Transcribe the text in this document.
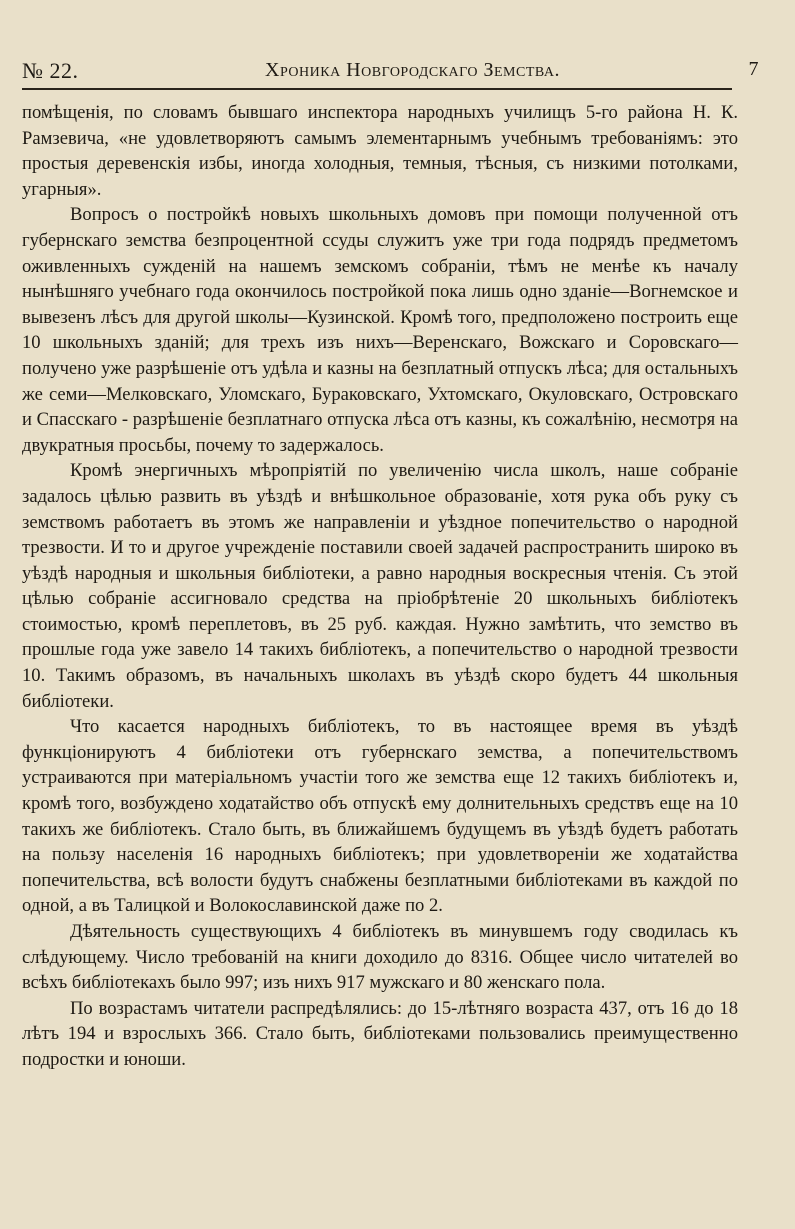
№ 22.	Хроника Новгородскаго Земства.	7

помѣщенія, по словамъ бывшаго инспектора народныхъ училищъ 5-го района Н. К. Рамзевича, «не удовлетворяютъ самымъ элементарнымъ учебнымъ требованіямъ: это простыя деревенскія избы, иногда холодныя, темныя, тѣсныя, съ низкими потолками, угарныя».

Вопросъ о постройкѣ новыхъ школьныхъ домовъ при помощи полученной отъ губернскаго земства безпроцентной ссуды служитъ уже три года подрядъ предметомъ оживленныхъ сужденій на нашемъ земскомъ собраніи, тѣмъ не менѣе къ началу нынѣшняго учебнаго года окончилось постройкой пока лишь одно зданіе—Вогнемское и вывезенъ лѣсъ для другой школы—Кузинской. Кромѣ того, предположено построить еще 10 школьныхъ зданій; для трехъ изъ нихъ—Веренскаго, Вожскаго и Соровскаго—получено уже разрѣшеніе отъ удѣла и казны на безплатный отпускъ лѣса; для остальныхъ же семи—Мелковскаго, Уломскаго, Бураковскаго, Ухтомскаго, Окуловскаго, Островскаго и Спасскаго - разрѣшеніе безплатнаго отпуска лѣса отъ казны, къ сожалѣнію, несмотря на двукратныя просьбы, почему то задержалось.

Кромѣ энергичныхъ мѣропріятій по увеличенію числа школъ, наше собраніе задалось цѣлью развить въ уѣздѣ и внѣшкольное образованіе, хотя рука объ руку съ земствомъ работаетъ въ этомъ же направленіи и уѣздное попечительство о народной трезвости. И то и другое учрежденіе поставили своей задачей распространить широко въ уѣздѣ народныя и школьныя библіотеки, а равно народныя воскресныя чтенія. Съ этой цѣлью собраніе ассигновало средства на пріобрѣтеніе 20 школьныхъ библіотекъ стоимостью, кромѣ переплетовъ, въ 25 руб. каждая. Нужно замѣтить, что земство въ прошлые года уже завело 14 такихъ библіотекъ, а попечительство о народной трезвости 10. Такимъ образомъ, въ начальныхъ школахъ въ уѣздѣ скоро будетъ 44 школьныя библіотеки.

Что касается народныхъ библіотекъ, то въ настоящее время въ уѣздѣ функціонируютъ 4 библіотеки отъ губернскаго земства, а попечительствомъ устраиваются при матеріальномъ участіи того же земства еще 12 такихъ библіотекъ и, кромѣ того, возбуждено ходатайство объ отпускѣ ему долнительныхъ средствъ еще на 10 такихъ же библіотекъ. Стало быть, въ ближайшемъ будущемъ въ уѣздѣ будетъ работать на пользу населенія 16 народныхъ библіотекъ; при удовлетвореніи же ходатайства попечительства, всѣ волости будутъ снабжены безплатными библіотеками въ каждой по одной, а въ Талицкой и Волокославинской даже по 2.

Дѣятельность существующихъ 4 библіотекъ въ минувшемъ году сводилась къ слѣдующему. Число требованій на книги доходило до 8316. Общее число читателей во всѣхъ библіотекахъ было 997; изъ нихъ 917 мужскаго и 80 женскаго пола.

По возрастамъ читатели распредѣлялись: до 15-лѣтняго возраста 437, отъ 16 до 18 лѣтъ 194 и взрослыхъ 366. Стало быть, библіотеками пользовались преимущественно подростки и юноши.
